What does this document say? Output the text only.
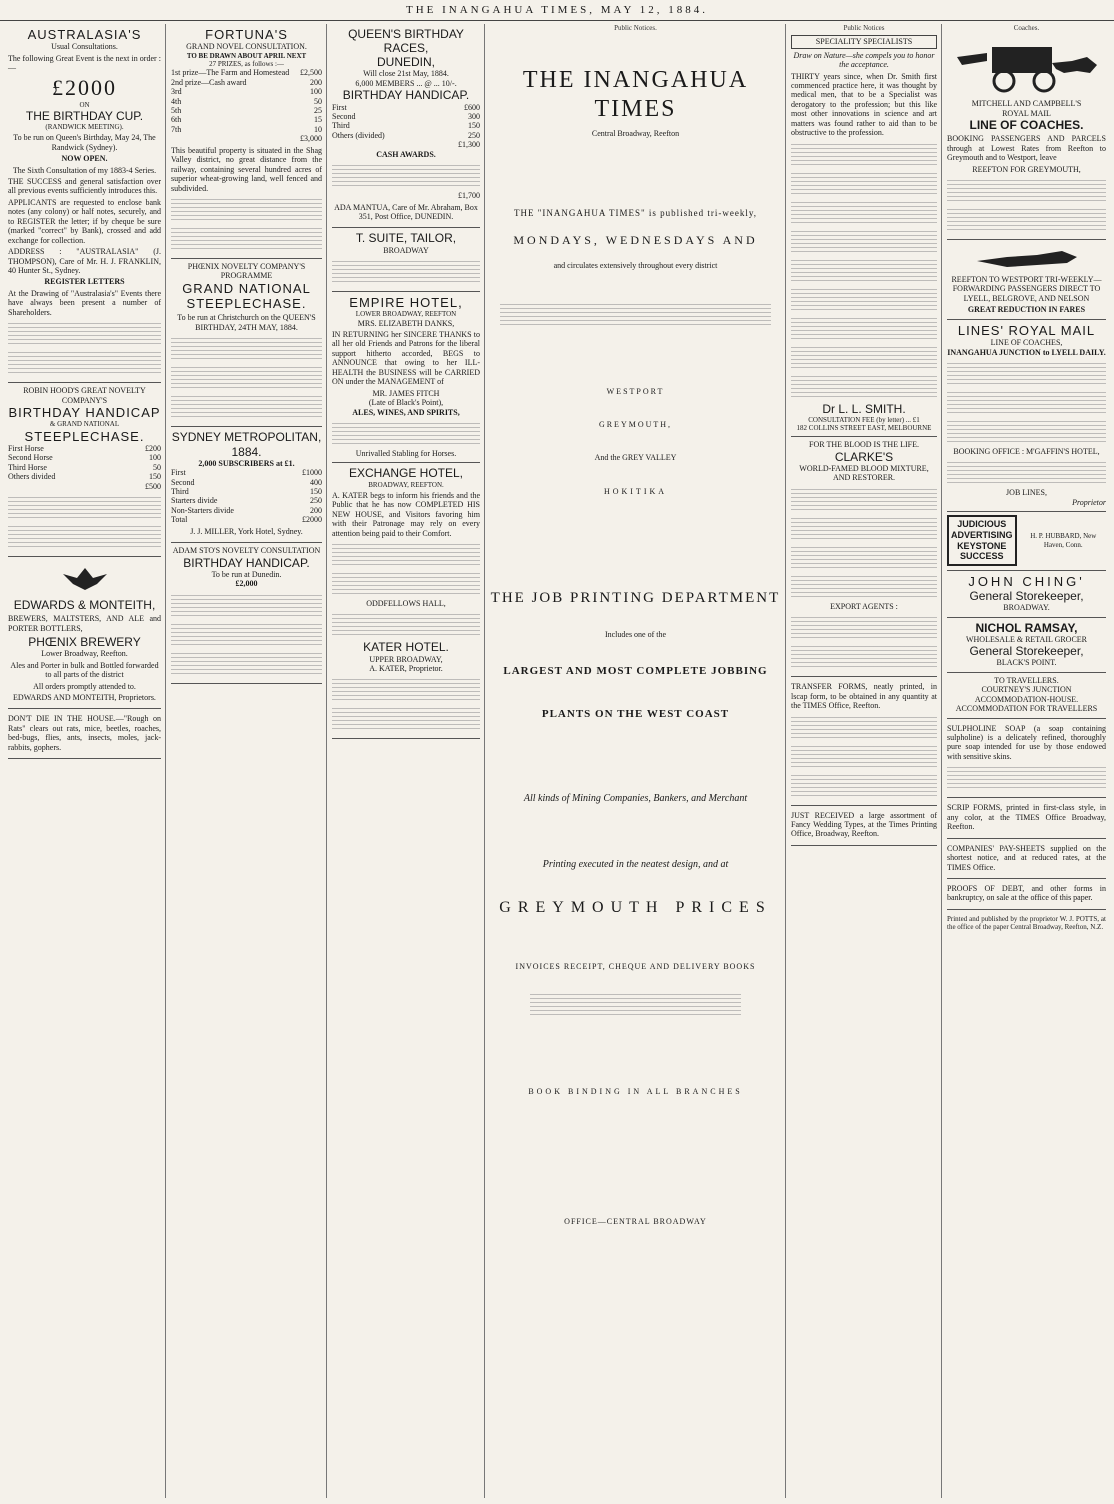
THE INANGAHUA TIMES, MAY 12, 1884.
AUSTRALASIA'S
Usual Consultations.

The following Great Event is the next in order :—

£2000
ON
THE BIRTHDAY CUP.
(RANDWICK MEETING).

To be run on Queen's Birthday, May 24, The Randwick (Sydney).

NOW OPEN.

The Sixth Consultation of my 1883-4 Series.

THE SUCCESS and general satisfaction over all previous events sufficiently introduces this.

APPLICANTS are requested to enclose bank notes (any colony) or half notes, securely, and to REGISTER the letter; if by cheque be sure (marked "correct" by Bank), crossed and add exchange for collection.

ADDRESS : "AUSTRALASIA" (J. THOMPSON), Care of Mr. H. J. FRANKLIN, 40 Hunter St., Sydney.

REGISTER LETTERS

At the Drawing of "Australasia's" Events there have always been present a number of Shareholders.

ROBIN HOOD'S GREAT NOVELTY COMPANY'S
BIRTHDAY HANDICAP
& GRAND NATIONAL
STEEPLECHASE.
First Horse	£200
Second Horse	100
Third Horse	50
Others divided	150
£500
EDWARDS & MONTEITH,

BREWERS, MALTSTERS, AND ALE and PORTER BOTTLERS,

PHŒNIX BREWERY
Lower Broadway, Reefton.

Ales and Porter in bulk and Bottled forwarded to all parts of the district

All orders promptly attended to.

EDWARDS AND MONTEITH, Proprietors.

DON'T DIE IN THE HOUSE.—"Rough on Rats" clears out rats, mice, beetles, roaches, bed-bugs, flies, ants, insects, moles, jack-rabbits, gophers.

FORTUNA'S
GRAND NOVEL CONSULTATION.
TO BE DRAWN ABOUT APRIL NEXT
27 PRIZES, as follows :—
1st prize—The Farm and Homestead £2,500
2nd prize—Cash award	200
3rd	100
4th	50
5th	25
6th	15
7th	10
£3,000

This beautiful property is situated in the Shag Valley district, no great distance from the railway, containing several hundred acres of superior wheat-growing land, well fenced and subdivided.

PHŒNIX NOVELTY COMPANY'S PROGRAMME
GRAND NATIONAL
STEEPLECHASE.

To be run at Christchurch on the QUEEN'S BIRTHDAY, 24TH MAY, 1884.

SYDNEY METROPOLITAN, 1884.
2,000 SUBSCRIBERS at £1.
First	£1000
Second	400
Third	150
Starters divide	250
Non-Starters divide	200
Total	£2000

J. J. MILLER, York Hotel, Sydney.

ADAM STO'S NOVELTY CONSULTATION
BIRTHDAY HANDICAP.
To be run at Dunedin.
£2,000
QUEEN'S BIRTHDAY RACES,
DUNEDIN,
Will close 21st May, 1884.
6,000 MEMBERS ... @ ... 10/-.
BIRTHDAY HANDICAP.
First	£600
Second	300
Third	150
Others (divided)	250
£1,300
CASH AWARDS.
£1,700

ADA MANTUA, Care of Mr. Abraham, Box 351, Post Office, DUNEDIN.

T. SUITE, TAILOR,
BROADWAY
EMPIRE HOTEL,
LOWER BROADWAY, REEFTON
MRS. ELIZABETH DANKS,

IN RETURNING her SINCERE THANKS to all her old Friends and Patrons for the liberal support hitherto accorded, BEGS to ANNOUNCE that owing to her ILL-HEALTH the BUSINESS will be CARRIED ON under the MANAGEMENT of

MR. JAMES FITCH
(Late of Black's Point),
ALES, WINES, AND SPIRITS,
Unrivalled Stabling for Horses.
EXCHANGE HOTEL,
BROADWAY, REEFTON.

A. KATER begs to inform his friends and the Public that he has now COMPLETED HIS NEW HOUSE, and Visitors favoring him with their Patronage may rely on every attention being paid to their Comfort.

ODDFELLOWS HALL,
KATER HOTEL.
UPPER BROADWAY,
A. KATER, Proprietor.
Public Notices.
THE INANGAHUA TIMES
Central Broadway, Reefton
THE "INANGAHUA TIMES" is published tri-weekly,
MONDAYS, WEDNESDAYS AND
and circulates extensively throughout every district
WESTPORT
GREYMOUTH,
And the GREY VALLEY
HOKITIKA
THE JOB PRINTING DEPARTMENT
Includes one of the
LARGEST AND MOST COMPLETE JOBBING
PLANTS ON THE WEST COAST
All kinds of Mining Companies, Bankers, and Merchant
Printing executed in the neatest design, and at
GREYMOUTH PRICES
INVOICES RECEIPT, CHEQUE AND DELIVERY BOOKS
BOOK BINDING IN ALL BRANCHES
OFFICE—CENTRAL BROADWAY
Public Notices
SPECIALITY SPECIALISTS

Draw on Nature—she compels you to honor the acceptance.

THIRTY years since, when Dr. Smith first commenced practice here, it was thought by medical men, that to be a Specialist was derogatory to the profession; but this like most other innovations in science and art matters was found rather to aid than to be obstructive to the profession.

Dr L. L. SMITH.
CONSULTATION FEE (by letter) ... £1
182 COLLINS STREET EAST, MELBOURNE
FOR THE BLOOD IS THE LIFE.
CLARKE'S
WORLD-FAMED BLOOD MIXTURE, AND RESTORER.
EXPORT AGENTS :

TRANSFER FORMS, neatly printed, in lscap form, to be obtained in any quantity at the TIMES Office, Reefton.

JUST RECEIVED a large assortment of Fancy Wedding Types, at the Times Printing Office, Broadway, Reefton.

Coaches.
MITCHELL AND CAMPBELL'S
ROYAL MAIL
LINE OF COACHES.

BOOKING PASSENGERS AND PARCELS through at Lowest Rates from Reefton to Greymouth and to Westport, leave

REEFTON FOR GREYMOUTH,

REEFTON TO WESTPORT TRI-WEEKLY—FORWARDING PASSENGERS DIRECT TO LYELL, BELGROVE, AND NELSON

GREAT REDUCTION IN FARES
LINES' ROYAL MAIL
LINE OF COACHES,
INANGAHUA JUNCTION to LYELL DAILY.
BOOKING OFFICE : M'GAFFIN'S HOTEL,
JOB LINES,
Proprietor
JUDICIOUS ADVERTISING KEYSTONE SUCCESS
H. P. HUBBARD, New Haven, Conn.
JOHN CHING'
General Storekeeper,
BROADWAY.
NICHOL RAMSAY,
WHOLESALE & RETAIL GROCER
General Storekeeper,
BLACK'S POINT.
TO TRAVELLERS.
COURTNEY'S JUNCTION ACCOMMODATION-HOUSE.
ACCOMMODATION FOR TRAVELLERS

SULPHOLINE SOAP (a soap containing sulpholine) is a delicately refined, thoroughly pure soap intended for use by those endowed with sensitive skins.

SCRIP FORMS, printed in first-class style, in any color, at the TIMES Office Broadway, Reefton.

COMPANIES' PAY-SHEETS supplied on the shortest notice, and at reduced rates, at the TIMES Office.

PROOFS OF DEBT, and other forms in bankruptcy, on sale at the office of this paper.

Printed and published by the proprietor W. J. POTTS, at the office of the paper Central Broadway, Reefton, N.Z.
